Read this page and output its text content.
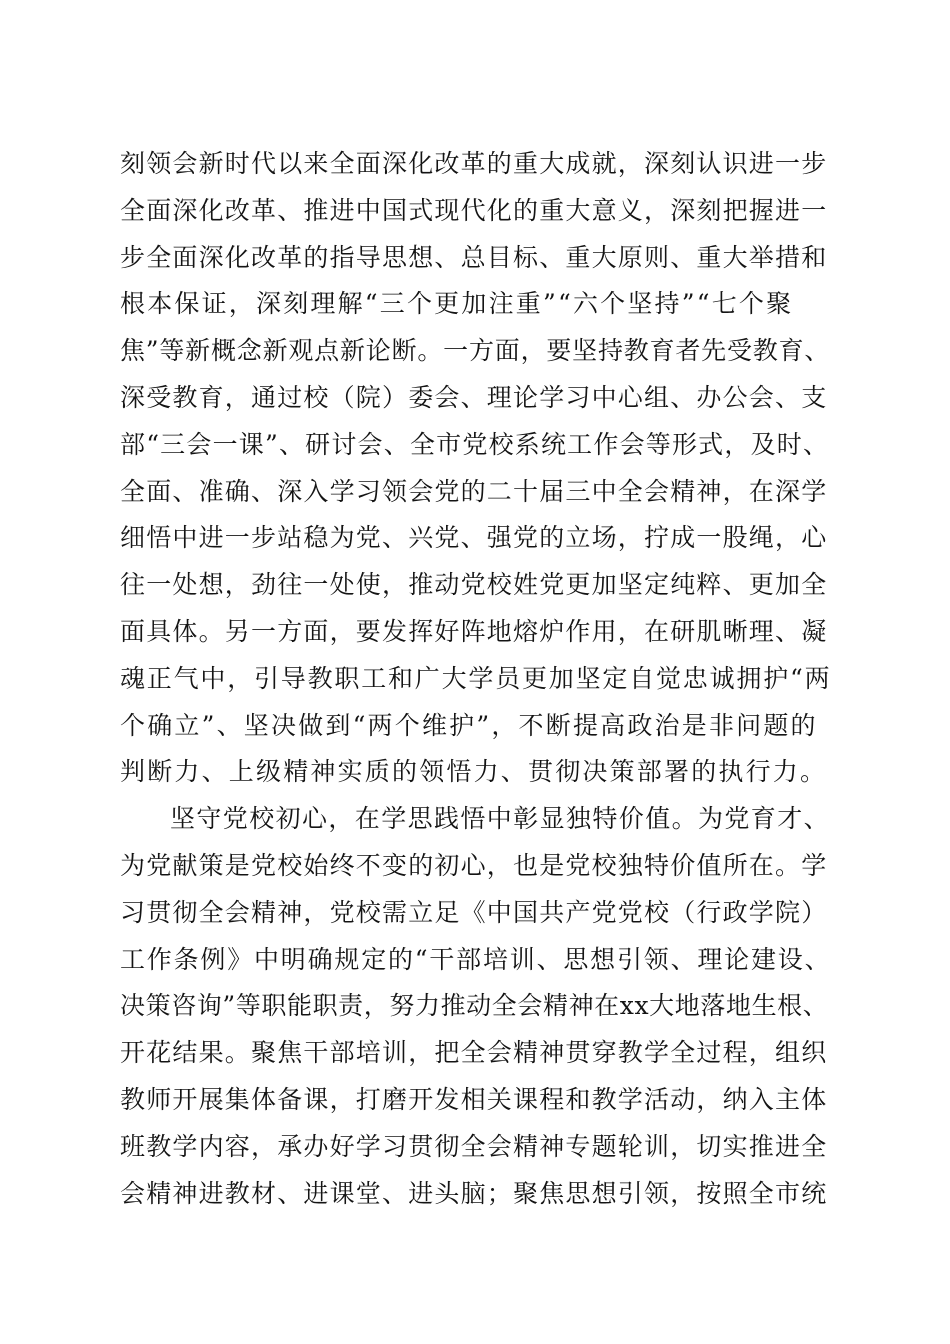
刻领会新时代以来全面深化改革的重大成就，深刻认识进一步
全面深化改革、推进中国式现代化的重大意义，深刻把握进一
步全面深化改革的指导思想、总目标、重大原则、重大举措和
根本保证，深刻理解“三个更加注重”“六个坚持”“七个聚
焦”等新概念新观点新论断。一方面，要坚持教育者先受教育、
深受教育，通过校（院）委会、理论学习中心组、办公会、支
部“三会一课”、研讨会、全市党校系统工作会等形式，及时、
全面、准确、深入学习领会党的二十届三中全会精神，在深学
细悟中进一步站稳为党、兴党、强党的立场，拧成一股绳，心
往一处想，劲往一处使，推动党校姓党更加坚定纯粹、更加全
面具体。另一方面，要发挥好阵地熔炉作用，在研肌晰理、凝
魂正气中，引导教职工和广大学员更加坚定自觉忠诚拥护“两
个确立”、坚决做到“两个维护”，不断提高政治是非问题的
判断力、上级精神实质的领悟力、贯彻决策部署的执行力。
坚守党校初心，在学思践悟中彰显独特价值。为党育才、
为党献策是党校始终不变的初心，也是党校独特价值所在。学
习贯彻全会精神，党校需立足《中国共产党党校（行政学院）
工作条例》中明确规定的“干部培训、思想引领、理论建设、
决策咨询”等职能职责，努力推动全会精神在xx大地落地生根、
开花结果。聚焦干部培训，把全会精神贯穿教学全过程，组织
教师开展集体备课，打磨开发相关课程和教学活动，纳入主体
班教学内容，承办好学习贯彻全会精神专题轮训，切实推进全
会精神进教材、进课堂、进头脑；聚焦思想引领，按照全市统
